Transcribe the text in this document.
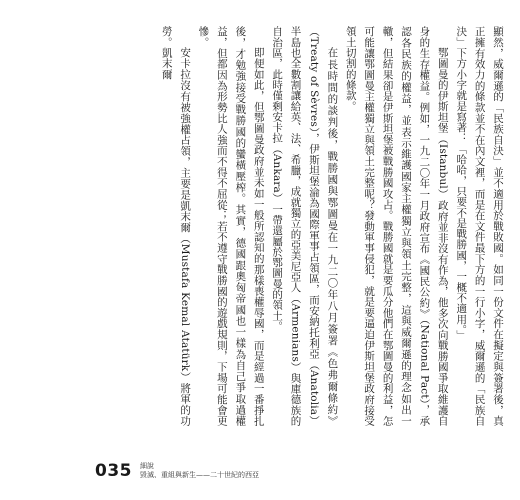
顯然，威爾遜的「民族自決」並不適用於戰敗國。如同一份文件在擬定與簽署後，真正擁有效力的條款並不在內文裡，而是在文件最下方的一行小字，威爾遜的「民族自決」下方小字就是寫著：「哈哈，只要不是戰勝國，一概不適用。」

鄂圖曼的伊斯坦堡（Istanbul）政府並非沒有作為，他多次向戰勝國爭取維護自身的生存權益。例如，一九二〇年一月政府宣布《國民公約》（National Pact），承認各民族的權益，並表示維護國家主權獨立與領土完整，這與威爾遜的理念如出一轍，但結果卻是伊斯坦堡被戰勝國攻占。戰勝國就是要瓜分他們在鄂圖曼的利益，怎可能讓鄂圖曼主權獨立與領土完整呢？發動軍事侵犯，就是要逼迫伊斯坦堡政府接受領土切割的條款。

在長時間的談判後，戰勝國與鄂圖曼在一九二〇年八月簽署《色弗爾條約》（Treaty of Sèvres），伊斯坦堡淪為國際軍事占領區，而安納托利亞（Anatolia）半島也全數割讓給英、法、希臘，成就獨立的亞美尼亞人（Armenians）與庫德族的自治區，此時僅剩安卡拉（Ankara）一帶還屬於鄂圖曼的領土。

即便如此，但鄂圖曼政府並未如一般所認知的那樣喪權辱國，而是經過一番掙扎後，才勉強接受戰勝國的蠻橫壓榨。其實，德國跟奧匈帝國也一樣為自己爭取過權益，但都因為形勢比人強而不得不屈從；若不遵守戰勝國的遊戲規則，下場可能會更慘。

安卡拉沒有被強權占領，主要是凱末爾（Mustafa Kemal Atatürk）將軍的功勞。凱末爾

035 細說
毀滅、重組與新生——二十世紀的西亞
